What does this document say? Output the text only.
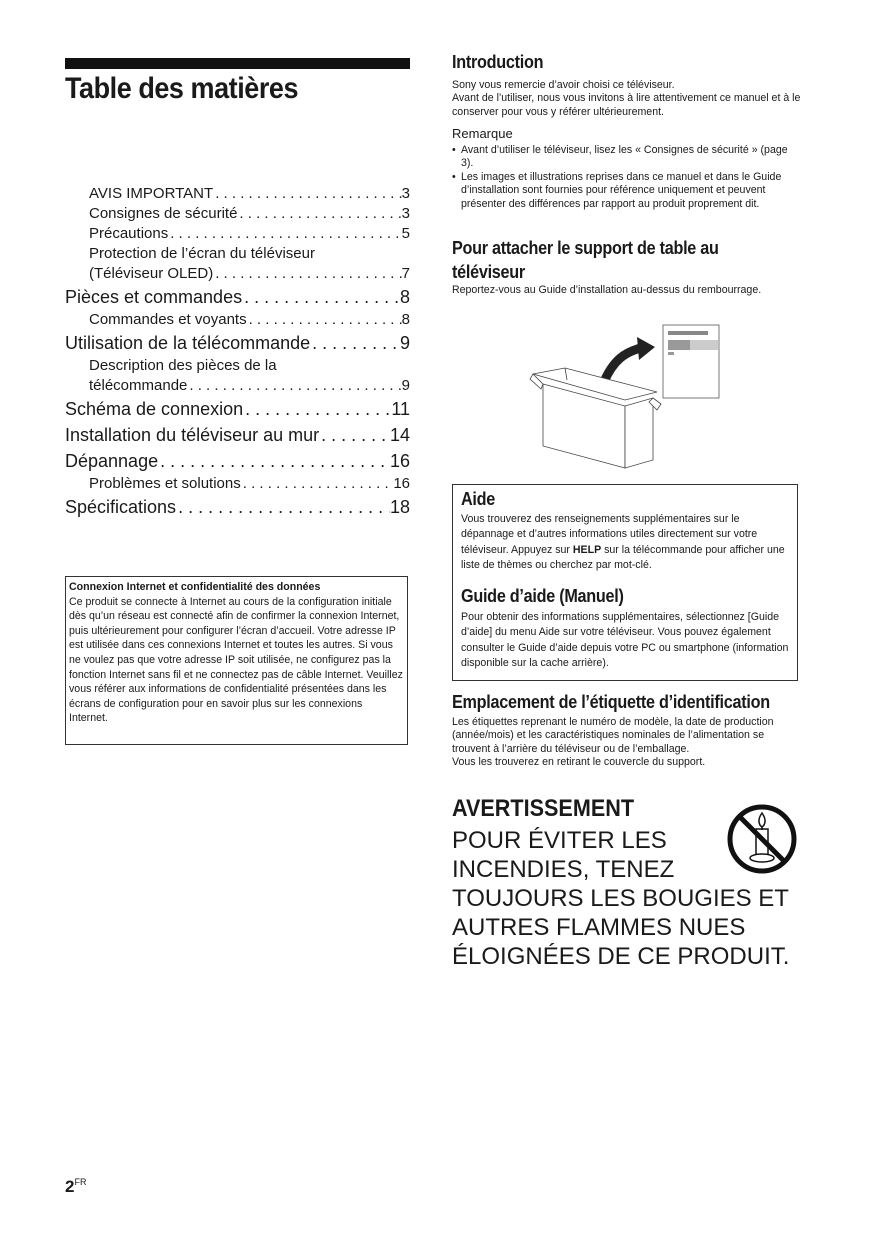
Table des matières
AVIS IMPORTANT . . .	3
Consignes de sécurité . . .	3
Précautions . . .	5
Protection de l’écran du téléviseur
(Téléviseur OLED) . . .	7
Pièces et commandes . . .	8
Commandes et voyants . . .	8
Utilisation de la télécommande . . .	9
Description des pièces de la
télécommande . . .	9
Schéma de connexion . . .	11
Installation du téléviseur au mur . . .	14
Dépannage . . .	16
Problèmes et solutions . . .	16
Spécifications . . .	18
Connexion Internet et confidentialité des données
Ce produit se connecte à Internet au cours de la configuration initiale dès qu’un réseau est connecté afin de confirmer la connexion Internet, puis ultérieurement pour configurer l’écran d’accueil. Votre adresse IP est utilisée dans ces connexions Internet et toutes les autres. Si vous ne voulez pas que votre adresse IP soit utilisée, ne configurez pas la fonction Internet sans fil et ne connectez pas de câble Internet. Veuillez vous référer aux informations de confidentialité présentées dans les écrans de configuration pour en savoir plus sur les connexions Internet.
Introduction
Sony vous remercie d’avoir choisi ce téléviseur.
Avant de l’utiliser, nous vous invitons à lire attentivement ce manuel et à le conserver pour vous y référer ultérieurement.
Remarque
• Avant d’utiliser le téléviseur, lisez les « Consignes de sécurité » (page 3).
• Les images et illustrations reprises dans ce manuel et dans le Guide d’installation sont fournies pour référence uniquement et peuvent présenter des différences par rapport au produit proprement dit.
Pour attacher le support de table au
téléviseur
Reportez-vous au Guide d’installation au-dessus du rembourrage.
Aide
Vous trouverez des renseignements supplémentaires sur le dépannage et d’autres informations utiles directement sur votre téléviseur. Appuyez sur HELP sur la télécommande pour afficher une liste de thèmes ou cherchez par mot-clé.
Guide d’aide (Manuel)
Pour obtenir des informations supplémentaires, sélectionnez [Guide d’aide] du menu Aide sur votre téléviseur. Vous pouvez également consulter le Guide d’aide depuis votre PC ou smartphone (information disponible sur la cache arrière).
Emplacement de l’étiquette d’identification
Les étiquettes reprenant le numéro de modèle, la date de production (année/mois) et les caractéristiques nominales de l’alimentation se trouvent à l’arrière du téléviseur ou de l’emballage.
Vous les trouverez en retirant le couvercle du support.
AVERTISSEMENT
POUR ÉVITER LES
INCENDIES, TENEZ
TOUJOURS LES BOUGIES ET
AUTRES FLAMMES NUES
ÉLOIGNÉES DE CE PRODUIT.
$2^{FR}$
